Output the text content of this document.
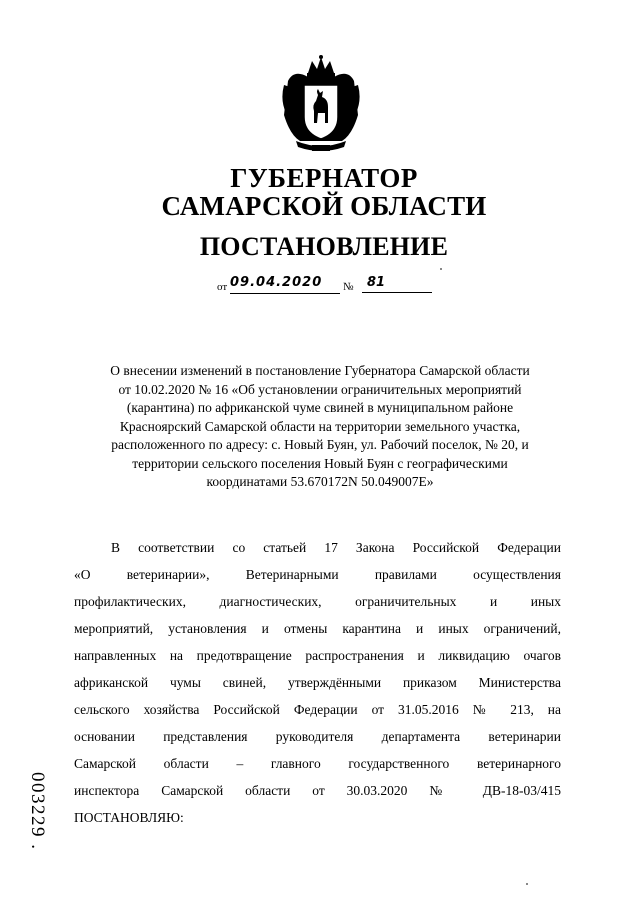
ГУБЕРНАТОР
САМАРСКОЙ ОБЛАСТИ
ПОСТАНОВЛЕНИЕ
от 09.04.2020	№	81

О внесении изменений в постановление Губернатора Самарской области

от 10.02.2020 № 16 «Об установлении ограничительных мероприятий

(карантина) по африканской чуме свиней в муниципальном районе

Красноярский Самарской области на территории земельного участка,

расположенного по адресу: с. Новый Буян, ул. Рабочий поселок, № 20, и

территории сельского поселения Новый Буян с географическими

координатами 53.670172N 50.049007E»

В соответствии со статьей 17 Закона Российской Федерации
«О ветеринарии», Ветеринарными правилами осуществления
профилактических, диагностических, ограничительных и иных
мероприятий, установления и отмены карантина и иных ограничений,
направленных на предотвращение распространения и ликвидацию очагов
африканской чумы свиней, утверждёнными приказом Министерства
сельского хозяйства Российской Федерации от 31.05.2016 № 213, на
основании представления руководителя департамента ветеринарии
Самарской области – главного государственного ветеринарного
инспектора Самарской области от 30.03.2020 № ДВ-18-03/415
ПОСТАНОВЛЯЮ:
003229 .
